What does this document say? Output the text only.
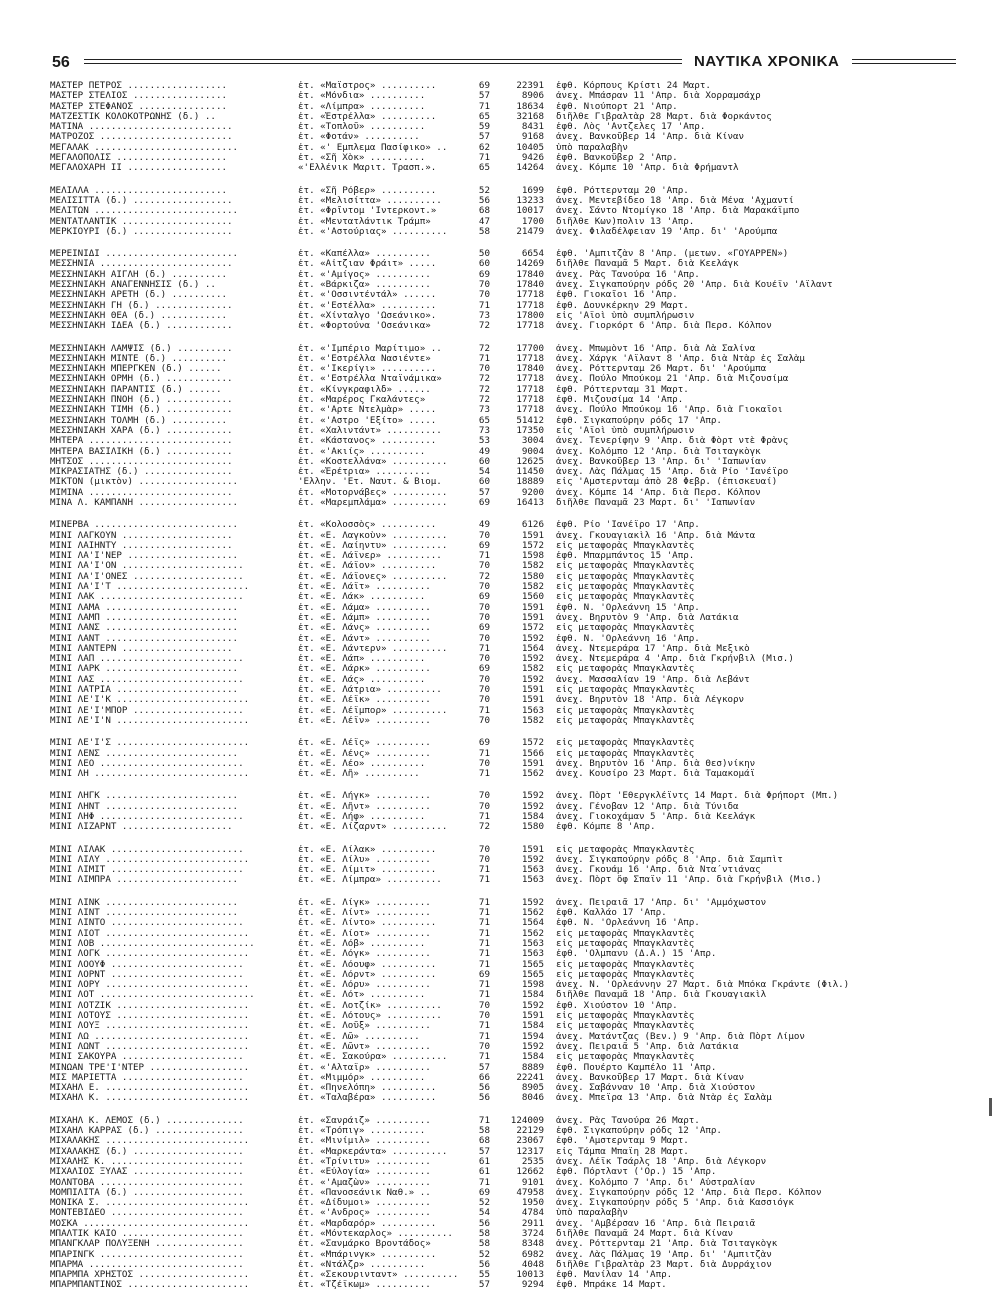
56	ΝΑΥΤΙΚΑ ΧΡΟΝΙΚΑ
ΜΑΣΤΕΡ ΠΕΤΡΟΣ ..................	ἐτ. «Μαΐστρος» ..........	69	22391	ἐφθ. Κόρπους Κρίστι 24 Μαρτ.
ΜΑΣΤΕΡ ΣΤΕΛΙΟΣ .................	ἐτ. «Μόνδια» ..........	57	8906	ἀνεχ. Μπάσραν 11 'Απρ. διὰ Χορραμσάχρ
ΜΑΣΤΕΡ ΣΤΕΦΑΝΟΣ ................	ἐτ. «Λίμπρα» ..........	71	18634	ἐφθ. Νιούπορτ 21 'Απρ.
ΜΑΤΖΕΣΤΙΚ ΚΟΛΟΚΟΤΡΩΝΗΣ (δ.) ..	ἐτ. «Ἐστρέλλα» ..........	65	32168	διῆλθε Γιβραλτὰρ 28 Μαρτ. διὰ Φορκάντος
ΜΑΤΙΝΑ ..........................	ἐτ. «Τοπλοῦ» ..........	59	8431	ἐφθ. Λὸς 'Αντζελες 17 'Απρ.
ΜΑΤΡΟΖΟΣ ........................	ἐτ. «Φοτάν» ..........	57	9168	ἀνεχ. Βανκοῦβερ 14 'Απρ. διὰ Κίναν
ΜΕΓΑΛΑΚ ..........................	ἐτ. «' Εμπλεμα Πασίφικο» ..	62	10405	ὑπὸ παραλαβὴν
ΜΕΓΑΛΟΠΟΛΙΣ ....................	ἐτ. «Σῆ Χὸκ» ..........	71	9426	ἐφθ. Βανκοῦβερ 2 'Απρ.
ΜΕΓΑΛΟΧΑΡΗ ΙΙ ..................	«'Ελλένικ Μαριτ. Τρασπ.».	65	14264	ἀνεχ. Κόμπε 10 'Απρ. διὰ Φρήμαντλ
ΜΕΛΙΛΛΑ ........................	ἐτ. «Σῆ Ρόβερ» ..........	52	1699	ἐφθ. Ρόττερνταμ 20 'Απρ.
ΜΕΛΙΣΙΤΤΑ (δ.) ..................	ἐτ. «Μελισίττα» ..........	56	13233	ἀνεχ. Μεντεβίδεο 18 'Απρ. διὰ Μένα 'Αχμαντί
ΜΕΛΙΤΩΝ ..........................	ἐτ. «Φρῖντομ 'Ιντερκοντ.»	68	10017	ἀνεχ. Σάντο Ντομίγκο 18 'Απρ. διὰ Μαρακάϊμπο
ΜΕΝΤΑΤΛΑΝΤΙΚ ....................	ἐτ. «Μεντατλάντικ Τράμπ»	47	1700	διῆλθε Κων)πολιν 13 'Απρ.
ΜΕΡΚΙΟΥΡΙ (δ.) ..................	ἐτ. «'Αστούριας» ..........	58	21479	ἀνεχ. Φιλαδέλφειαν 19 'Απρ. δι' 'Αρούμπα
ΜΕΡΕΙΝΙΔΙ ........................	ἐτ. «Καπέλλα» ..........	50	6654	ἐφθ. 'Αμπιτζὰν 8 'Απρ. (μετων. «ΓΟΥΑΡΡΕΝ»)
ΜΕΣΣΗΝΙΑ ........................	ἐτ. «Αἰτζιαν Φράιτ» .....	60	14269	διῆλθε Παναμᾶ 5 Μαρτ. διὰ Κεελάγκ
ΜΕΣΣΗΝΙΑΚΗ ΑΙΓΛΗ (δ.) ..........	ἐτ. «'Αμίγος» ..........	69	17840	ἀνεχ. Ρὰς Τανούρα 16 'Απρ.
ΜΕΣΣΗΝΙΑΚΗ ΑΝΑΓΕΝΝΗΣΙΣ (δ.) ..	ἐτ. «Βάρκιζα» ..........	70	17840	ἀνεχ. Σιγκαπούρην ρόδς 20 'Απρ. διὰ Κουέϊν 'Αϊλαντ
ΜΕΣΣΗΝΙΑΚΗ ΑΡΕΤΗ (δ.) ..........	ἐτ. «'Οσσιντέντάλ» ......	70	17718	ἐφθ. Γιοκαῖοι 16 'Απρ.
ΜΕΣΣΗΝΙΑΚΗ ΓΗ (δ.) ..............	ἐτ. «'Εστέλλα» ..........	71	17718	ἐφθ. Δουνκέρκην 29 Μαρτ.
ΜΕΣΣΗΝΙΑΚΗ ΘΕΑ (δ.) ............	ἐτ. «Χίνταλγο 'Ωσεάνικο».	73	17800	εἰς 'Αϊοὶ ὑπὸ συμπλήρωσιν
ΜΕΣΣΗΝΙΑΚΗ ΙΔΕΑ (δ.) ............	ἐτ. «Φορτούνα 'Οσεάνικα»	72	17718	ἀνεχ. Γιορκόρτ 6 'Απρ. διὰ Περσ. Κόλπον
ΜΕΣΣΗΝΙΑΚΗ ΛΑΜΨΙΣ (δ.) ..........	ἐτ. «'Ιμπέριο Μαρίτιμο» ..	72	17700	ἀνεχ. Μπωμὸντ 16 'Απρ. διὰ Λὰ Σαλίνα
ΜΕΣΣΗΝΙΑΚΗ ΜΙΝΤΕ (δ.) ..........	ἐτ. «'Εστρέλλα Νασιέντε»	71	17718	ἀνεχ. Χάργκ 'Αϊλαντ 8 'Απρ. διὰ Ντὰρ ἐς Σαλὰμ
ΜΕΣΣΗΝΙΑΚΗ ΜΠΕΡΓΚΕΝ (δ.) ......	ἐτ. «'Ικερίγι» ..........	70	17840	ἀνεχ. Ρόττερνταμ 26 Μαρτ. δι' 'Αρούμπα
ΜΕΣΣΗΝΙΑΚΗ ΟΡΜΗ (δ.) ............	ἐτ. «'Εστρέλλα Νταϊνάμικα»	72	17718	ἀνεχ. Πούλο Μπούκομ 21 'Απρ. διὰ Μιζουσίμα
ΜΕΣΣΗΝΙΑΚΗ ΠΑΡΑΝΤΙΣ (δ.) ......	ἐτ. «Κίνγκραφιλδ» ......	72	17718	ἐφθ. Ρόττερνταμ 31 Μαρτ.
ΜΕΣΣΗΝΙΑΚΗ ΠΝΟΗ (δ.) ............	ἐτ. «Μαρέρος Γκαλάντες»	72	17718	ἐφθ. Μιζουσίμα 14 'Απρ.
ΜΕΣΣΗΝΙΑΚΗ ΤΙΜΗ (δ.) ............	ἐτ. «'Αρτε Ντελμὰρ» .....	73	17718	ἀνεχ. Πούλο Μπούκομ 16 'Απρ. διὰ Γιοκαῖοι
ΜΕΣΣΗΝΙΑΚΗ ΤΟΛΜΗ (δ.) ..........	ἐτ. «'Αστρο 'Εξίτο» .....	65	51412	ἐφθ. Σιγκαπούρην ρόδς 17 'Απρ.
ΜΕΣΣΗΝΙΑΚΗ ΧΑΡΑ (δ.) ............	ἐτ. «Χαλιντάντ» ..........	73	17350	εἰς 'Αϊοὶ ὑπὸ συμπλήρωσιν
ΜΗΤΕΡΑ ..........................	ἐτ. «Κάστανος» ..........	53	3004	ἀνεχ. Τενερίφην 9 'Απρ. διὰ Φὸρτ ντὲ Φρὰνς
ΜΗΤΕΡΑ ΒΑΣΙΛΙΚΗ (δ.) ............	ἐτ. «'Ακιίς» ..........	49	9004	ἀνεχ. Κολόμπο 12 'Απρ. διὰ Τσιταγκὸγκ
ΜΗΤΣΟΣ ..........................	ἐτ. «Κοστελλάνα» ..........	60	12625	ἀνεχ. Βανκοῦβερ 13 'Απρ. δι' 'Ιαπωνίαν
ΜΙΚΡΑΣΙΑΤΗΣ (δ.) ................	ἐτ. «Ἐρέτρια» ..........	54	11450	ἀνεχ. Λὰς Πάλμας 15 'Απρ. διὰ Ρίο 'Ιανέϊρο
ΜΙΚΤΟΝ (μικτὸν) ..................	'Ελλην. 'Ετ. Ναυτ. & Βιομ.	60	18889	εἰς 'Αμστερνταμ ἀπὸ 28 Φεβρ. (ἐπισκευαί)
ΜΙΜΙΝΑ ..........................	ἐτ. «Μοτορνάβες» ..........	57	9200	ἀνεχ. Κόμπε 14 'Απρ. διὰ Περσ. Κόλπον
ΜΙΝΑ Λ. ΚΑΜΠΑΝΗ ..................	ἐτ. «Μαρεμπλάμα» ..........	69	16413	διῆλθε Παναμᾶ 23 Μαρτ. δι' 'Ιαπωνίαν
ΜΙΝΕΡΒΑ ..........................	ἐτ. «Κολοσσὸς» ..........	49	6126	ἐφθ. Ρίο 'Ιανέϊρο 17 'Απρ.
ΜΙΝΙ ΛΑΓΚΟΥΝ ....................	ἐτ. «Ε. Λαγκοὺν» ..........	70	1591	ἀνεχ. Γκουαγιακὶλ 16 'Απρ. διὰ Μάντα
ΜΙΝΙ ΛΑΙΗΝΤΥ ....................	ἐτ. «Ε. Λαίηντυ» ..........	69	1572	εἰς μεταφορὰς Μπαγκλαντὲς
ΜΙΝΙ ΛΑ'Ι'ΝΕΡ ....................	ἐτ. «Ε. Λάϊνερ» ..........	71	1598	ἐφθ. Μπαρμπάντος 15 'Απρ.
ΜΙΝΙ ΛΑ'Ι'ΟΝ ......................	ἐτ. «Ε. Λάϊον» ..........	70	1582	εἰς μεταφορὰς Μπαγκλαντὲς
ΜΙΝΙ ΛΑ'Ι'ΟΝΕΣ ....................	ἐτ. «Ε. Λάϊονες» ..........	72	1580	εἰς μεταφορὰς Μπαγκλαντὲς
ΜΙΝΙ ΛΑ'Ι'Τ ........................	ἐτ. «Ε. Λάϊτ» ..........	70	1582	εἰς μεταφορὰς Μπαγκλαντὲς
ΜΙΝΙ ΛΑΚ ..........................	ἐτ. «Ε. Λάκ» ..........	69	1560	εἰς μεταφορὰς Μπαγκλαντὲς
ΜΙΝΙ ΛΑΜΑ ........................	ἐτ. «Ε. Λάμα» ..........	70	1591	ἐφθ. Ν. 'Ορλεάννη 15 'Απρ.
ΜΙΝΙ ΛΑΜΠ ........................	ἐτ. «Ε. Λάμπ» ..........	70	1591	ἀνεχ. Βηρυτὸν 9 'Απρ. διὰ Λατάκια
ΜΙΝΙ ΛΑΝΣ ........................	ἐτ. «Ε. Λάνς» ..........	69	1572	εἰς μεταφορὰς Μπαγκλαντὲς
ΜΙΝΙ ΛΑΝΤ ........................	ἐτ. «Ε. Λάντ» ..........	70	1592	ἐφθ. Ν. 'Ορλεάννη 16 'Απρ.
ΜΙΝΙ ΛΑΝΤΕΡΝ ....................	ἐτ. «Ε. Λάντερν» ..........	71	1564	ἀνεχ. Ντεμεράρα 17 'Απρ. διὰ Μεξικὸ
ΜΙΝΙ ΛΑΠ ..........................	ἐτ. «Ε. Λάπ» ..........	70	1592	ἀνεχ. Ντεμεράρα 4 'Απρ. διὰ Γκρήνβιλ (Μισ.)
ΜΙΝΙ ΛΑΡΚ ........................	ἐτ. «Ε. Λάρκ» ..........	69	1582	εἰς μεταφορὰς Μπαγκλαντὲς
ΜΙΝΙ ΛΑΣ ..........................	ἐτ. «Ε. Λάς» ..........	70	1592	ἀνεχ. Μασσαλίαν 19 'Απρ. διὰ Λεβάντ
ΜΙΝΙ ΛΑΤΡΙΑ ......................	ἐτ. «Ε. Λάτρια» ..........	70	1591	εἰς μεταφορὰς Μπαγκλαντὲς
ΜΙΝΙ ΛΕ'Ι'Κ ........................	ἐτ. «Ε. Λέϊκ» ..........	70	1591	ἀνεχ. Βηρυτὸν 18 'Απρ. διὰ Λέγκορν
ΜΙΝΙ ΛΕ'Ι'ΜΠΟΡ ....................	ἐτ. «Ε. Λέϊμπορ» ..........	71	1563	εἰς μεταφορὰς Μπαγκλαντὲς
ΜΙΝΙ ΛΕ'Ι'Ν ........................	ἐτ. «Ε. Λέϊν» ..........	70	1582	εἰς μεταφορὰς Μπαγκλαντὲς
ΜΙΝΙ ΛΕ'Ι'Σ ........................	ἐτ. «Ε. Λέϊς» ..........	69	1572	εἰς μεταφορὰς Μπαγκλαντὲς
ΜΙΝΙ ΛΕΝΣ ........................	ἐτ. «Ε. Λένς» ..........	71	1566	εἰς μεταφορὰς Μπαγκλαντὲς
ΜΙΝΙ ΛΕΟ ..........................	ἐτ. «Ε. Λέο» ..........	70	1591	ἀνεχ. Βηρυτὸν 16 'Απρ. διὰ Θεσ)νίκην
ΜΙΝΙ ΛΗ ............................	ἐτ. «Ε. Λῆ» ..........	71	1562	ἀνεχ. Κουσίρο 23 Μαρτ. διὰ Ταμακομάϊ
ΜΙΝΙ ΛΗΓΚ ........................	ἐτ. «Ε. Λήγκ» ..........	70	1592	ἀνεχ. Πὸρτ 'Εθεργκλέϊντς 14 Μαρτ. διὰ Φρήπορτ (Μπ.)
ΜΙΝΙ ΛΗΝΤ ........................	ἐτ. «Ε. Λῆντ» ..........	70	1592	ἀνεχ. Γένοβαν 12 'Απρ. διὰ Τύνιδα
ΜΙΝΙ ΛΗΦ ..........................	ἐτ. «Ε. Λήφ» ..........	71	1584	ἀνεχ. Γιοκοχάμαν 5 'Απρ. διὰ Κεελάγκ
ΜΙΝΙ ΛΙΖΑΡΝΤ ....................	ἐτ. «Ε. Λίζαρντ» ..........	72	1580	ἐφθ. Κόμπε 8 'Απρ.
ΜΙΝΙ ΛΙΛΑΚ ........................	ἐτ. «Ε. Λίλακ» ..........	70	1591	εἰς μεταφορὰς Μπαγκλαντὲς
ΜΙΝΙ ΛΙΛΥ ..........................	ἐτ. «Ε. Λίλυ» ..........	70	1592	ἀνεχ. Σιγκαπούρην ρόδς 8 'Απρ. διὰ Σαμπὶτ
ΜΙΝΙ ΛΙΜΙΤ ........................	ἐτ. «Ε. Λίμιτ» ..........	71	1563	ἀνεχ. Γκουάμ 16 'Απρ. διὰ Ντα΄ντιάνας
ΜΙΝΙ ΛΙΜΠΡΑ ......................	ἐτ. «Ε. Λίμπρα» ..........	71	1563	ἀνεχ. Πὸρτ ὄφ Σπαϊν 11 'Απρ. διὰ Γκρήνβιλ (Μισ.)
ΜΙΝΙ ΛΙΝΚ ........................	ἐτ. «Ε. Λίγκ» ..........	71	1592	ἀνεχ. Πειραιᾶ 17 'Απρ. δι' 'Αμμόχωστον
ΜΙΝΙ ΛΙΝΤ ........................	ἐτ. «Ε. Λίντ» ..........	71	1562	ἐφθ. Καλλάο 17 'Απρ.
ΜΙΝΙ ΛΙΝΤΟ ........................	ἐτ. «Ε. Λίντο» ..........	71	1564	ἐφθ. Ν. 'Ορλεάννη 16 'Απρ.
ΜΙΝΙ ΛΙΟΤ ..........................	ἐτ. «Ε. Λίοτ» ..........	71	1562	εἰς μεταφορὰς Μπαγκλαντὲς
ΜΙΝΙ ΛΟΒ ............................	ἐτ. «Ε. Λόβ» ..........	71	1563	εἰς μεταφορὰς Μπαγκλαντὲς
ΜΙΝΙ ΛΟΓΚ ..........................	ἐτ. «Ε. Λόγκ» ..........	71	1563	ἐφθ. 'Ολμπανυ (Δ.Α.) 15 'Απρ.
ΜΙΝΙ ΛΟΟΥΦ ........................	ἐτ. «Ε. Λόουφ» ..........	71	1565	εἰς μεταφορὰς Μπαγκλαντὲς
ΜΙΝΙ ΛΟΡΝΤ ........................	ἐτ. «Ε. Λόρντ» ..........	69	1565	εἰς μεταφορὰς Μπαγκλαντὲς
ΜΙΝΙ ΛΟΡΥ ..........................	ἐτ. «Ε. Λόρυ» ..........	71	1598	ἀνεχ. Ν. 'Ορλεάννην 27 Μαρτ. διὰ Μπόκα Γκράντε (Φιλ.)
ΜΙΝΙ ΛΟΤ ............................	ἐτ. «Ε. Λότ» ..........	71	1584	διῆλθε Παναμᾶ 18 'Απρ. διὰ Γκουαγιακὶλ
ΜΙΝΙ ΛΟΤΖΙΚ ........................	ἐτ. «Ε. Λοτζίκ» ..........	70	1592	ἐφθ. Χιούστον 10 'Απρ.
ΜΙΝΙ ΛΟΤΟΥΣ ........................	ἐτ. «Ε. Λότους» ..........	70	1591	εἰς μεταφορὰς Μπαγκλαντὲς
ΜΙΝΙ ΛΟΥΞ ..........................	ἐτ. «Ε. Λοῦξ» ..........	71	1584	εἰς μεταφορὰς Μπαγκλαντὲς
ΜΙΝΙ ΛΩ ............................	ἐτ. «Ε. Λῶ» ..........	71	1594	ἀνεχ. Ματάντζας (Βεν.) 9 'Απρ. διὰ Πὸρτ Λίμον
ΜΙΝΙ ΛΩΝΤ ..........................	ἐτ. «Ε. Λῶντ» ..........	70	1592	ἀνεχ. Πειραιᾶ 5 'Απρ. διὰ Λατάκια
ΜΙΝΙ ΣΑΚΟΥΡΑ ......................	ἐτ. «Ε. Σακούρα» ..........	71	1584	εἰς μεταφορὰς Μπαγκλαντὲς
ΜΙΝΩΑΝ ΤΡΕ'Ι'ΝΤΕΡ ..................	ἐτ. «'Αλταΐρ» ..........	57	8889	ἐφθ. Πουέρτο Καμπέλο 11 'Απρ.
ΜΙΣ ΜΑΡΙΕΤΤΑ ......................	ἐτ. «Μιμμόρ» ..........	66	22241	ἀνεχ. Βανκοῦβερ 17 Μαρτ. διὰ Κίναν
ΜΙΧΑΗΛ Ε. ..........................	ἐτ. «Πηνελόπη» ..........	56	8905	ἀνεχ. Σαβάνναν 10 'Απρ. διὰ Χιούστον
ΜΙΧΑΗΛ Κ. ..........................	ἐτ. «Ταλαβέρα» ..........	56	8046	ἀνεχ. Μπεΐρα 13 'Απρ. διὰ Ντὰρ ἐς Σαλὰμ
ΜΙΧΑΗΛ Κ. ΛΕΜΟΣ (δ.) ..............	ἐτ. «Σανράιζ» ..........	71	124009	ἀνεχ. Ρὰς Τανούρα 26 Μαρτ.
ΜΙΧΑΗΛ ΚΑΡΡΑΣ (δ.) ................	ἐτ. «Τρόπιγ» ..........	58	22129	ἐφθ. Σιγκαπούρην ρόδς 12 'Απρ.
ΜΙΧΑΛΑΚΗΣ ..........................	ἐτ. «Μινίμιλ» ..........	68	23067	ἐφθ. 'Αμστερνταμ 9 Μαρτ.
ΜΙΧΑΛΑΚΗΣ (δ.) ....................	ἐτ. «Μαρκεράντα» ..........	57	12317	εἰς Τάμπα Μπαϊη 28 Μαρτ.
ΜΙΧΑΛΗΣ Κ. ........................	ἐτ. «Τρίνιτυ» ..........	61	2535	ἀνεχ. Λέϊκ Τσάρλς 18 'Απρ. διὰ Λέγκορν
ΜΙΧΑΛΙΟΣ ΞΥΛΑΣ ....................	ἐτ. «Εὐλογία» ..........	61	12662	ἐφθ. Πόρτλαντ ('Ορ.) 15 'Απρ.
ΜΟΛΝΤΟΒΑ ..........................	ἐτ. «'Αμαζὼν» ..........	71	9101	ἀνεχ. Κολόμπο 7 'Απρ. δι' Αὐστραλίαν
ΜΟΜΠΙΛΙΤΑ (δ.) ....................	ἐτ. «Πανοσεάνικ Ναθ.» ..	69	47958	ἀνεχ. Σιγκαπούρην ρόδς 12 'Απρ. διὰ Περσ. Κόλπον
ΜΟΝΙΚΑ Σ. ..........................	ἐτ. «Δίδυμοι» ..........	52	1950	ἀνεχ. Σιγκαπούρην ρόδς 5 'Απρ. διὰ Κασσιόγκ
ΜΟΝΤΕΒΙΔΕΟ ........................	ἐτ. «'Ανδρος» ..........	54	4784	ὑπὸ παραλαβὴν
ΜΟΣΚΑ ..............................	ἐτ. «Μαρδαρόρ» ..........	56	2911	ἀνεχ. 'Αμβέρσαν 16 'Απρ. διὰ Πειραιᾶ
ΜΠΑΛΤΙΚ ΚΑΪΟ ......................	ἐτ. «Μόντεκαρλος» ..........	58	3724	διῆλθε Παναμᾶ 24 Μαρτ. διὰ Κίναν
ΜΠΑΝΓΚΛΑΡ ΠΟΛΥΞΕΝΗ ................	ἐτ. «Σανμάρκο Βροντάδος»	58	8348	ἀνεχ. Ρόττερνταμ 21 'Απρ. διὰ Τσιταγκὸγκ
ΜΠΑΡΙΝΓΚ ..........................	ἐτ. «Μπάρινγκ» ..........	52	6982	ἀνεχ. Λὰς Πάλμας 19 'Απρ. δι' 'Αμπιτζὰν
ΜΠΑΡΜΑ ............................	ἐτ. «Ντάλζρ» ..........	56	4048	διῆλθε Γιβραλτὰρ 23 Μαρτ. διὰ Δυρράχιον
ΜΠΑΡΜΠΑ ΧΡΗΣΤΟΣ ....................	ἐτ. «Σεκουρινταντ» ..........	55	10013	ἐφθ. Μανίλαν 14 'Απρ.
ΜΠΑΡΜΠΑΝΤΙΝΟΣ ......................	ἐτ. «Τζέϊκωμ» ..........	57	9294	ἐφθ. Μπράκε 14 Μαρτ.
